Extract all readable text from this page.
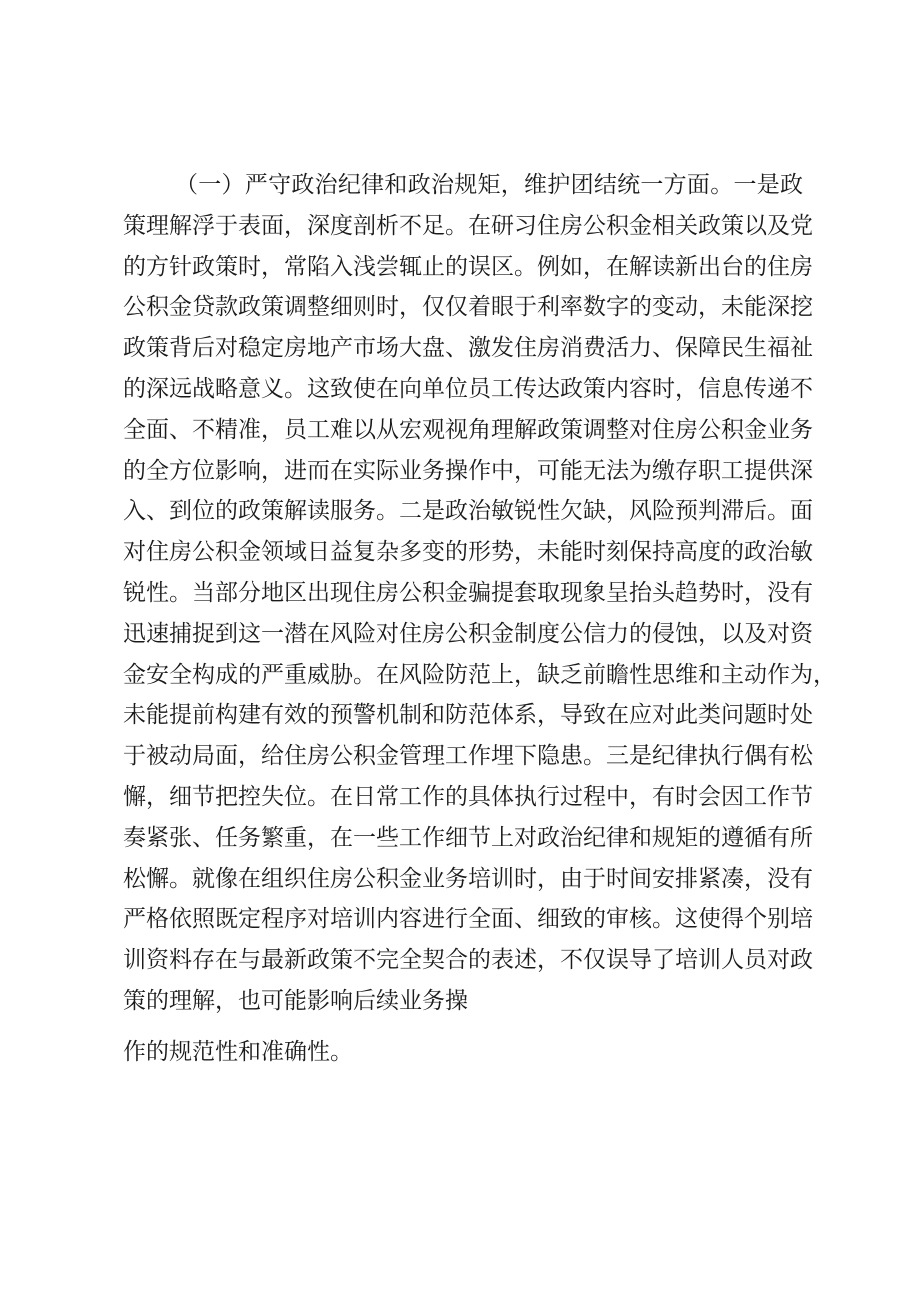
（一）严守政治纪律和政治规矩，维护团结统一方面。一是政
策理解浮于表面，深度剖析不足。在研习住房公积金相关政策以及党
的方针政策时，常陷入浅尝辄止的误区。例如，在解读新出台的住房
公积金贷款政策调整细则时，仅仅着眼于利率数字的变动，未能深挖
政策背后对稳定房地产市场大盘、激发住房消费活力、保障民生福祉
的深远战略意义。这致使在向单位员工传达政策内容时，信息传递不
全面、不精准，员工难以从宏观视角理解政策调整对住房公积金业务
的全方位影响，进而在实际业务操作中，可能无法为缴存职工提供深
入、到位的政策解读服务。二是政治敏锐性欠缺，风险预判滞后。面
对住房公积金领域日益复杂多变的形势，未能时刻保持高度的政治敏
锐性。当部分地区出现住房公积金骗提套取现象呈抬头趋势时，没有
迅速捕捉到这一潜在风险对住房公积金制度公信力的侵蚀，以及对资
金安全构成的严重威胁。在风险防范上，缺乏前瞻性思维和主动作为，
未能提前构建有效的预警机制和防范体系，导致在应对此类问题时处
于被动局面，给住房公积金管理工作埋下隐患。三是纪律执行偶有松
懈，细节把控失位。在日常工作的具体执行过程中，有时会因工作节
奏紧张、任务繁重，在一些工作细节上对政治纪律和规矩的遵循有所
松懈。就像在组织住房公积金业务培训时，由于时间安排紧凑，没有
严格依照既定程序对培训内容进行全面、细致的审核。这使得个别培
训资料存在与最新政策不完全契合的表述，不仅误导了培训人员对政
策的理解，也可能影响后续业务操
作的规范性和准确性。
